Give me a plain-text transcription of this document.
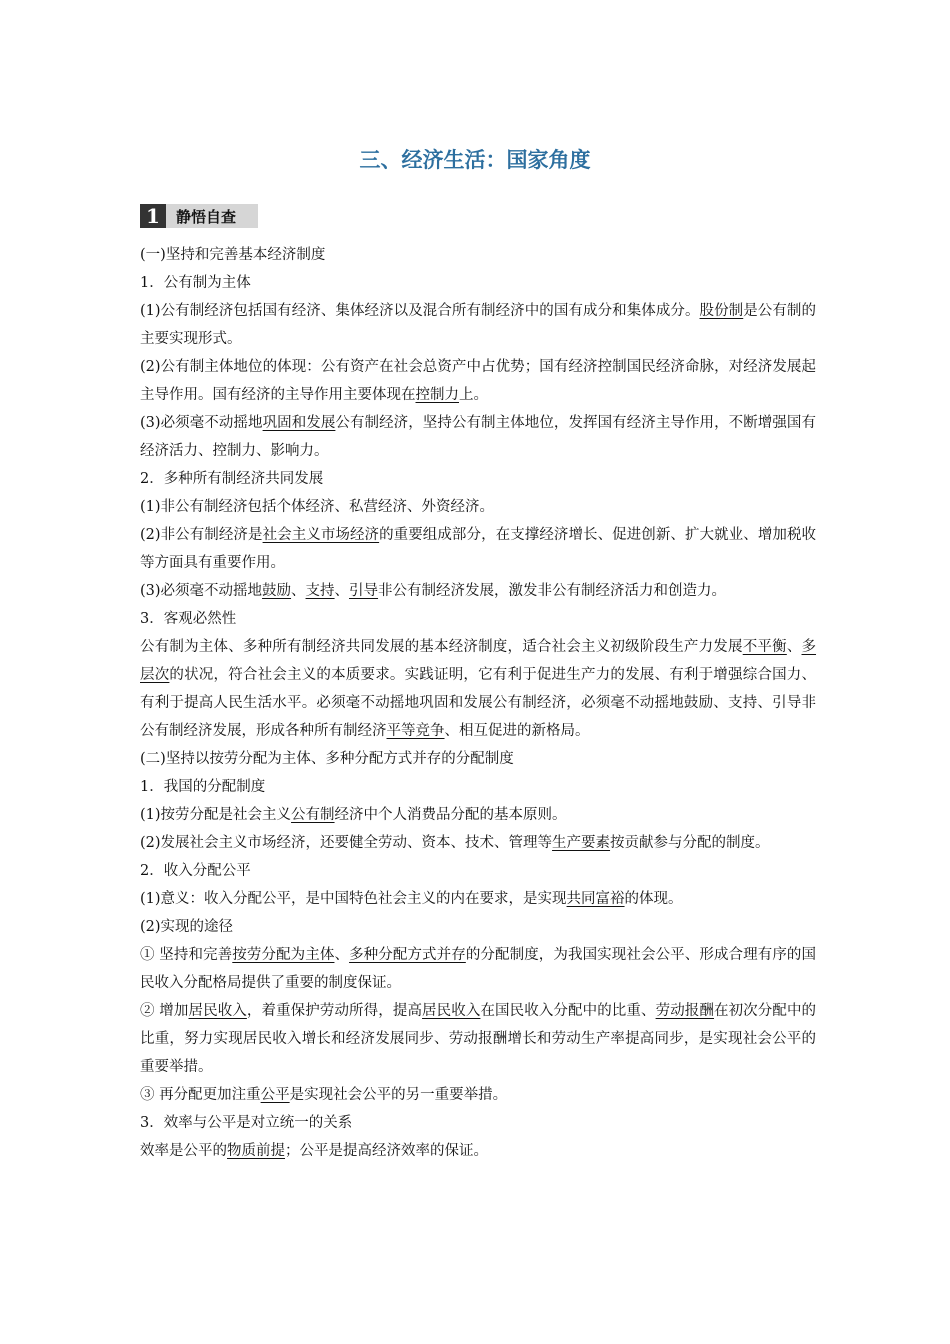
三、经济生活：国家角度
1	静悟自查

(一)坚持和完善基本经济制度

1．公有制为主体

(1)公有制经济包括国有经济、集体经济以及混合所有制经济中的国有成分和集体成分。股份制是公有制的主要实现形式。

(2)公有制主体地位的体现：公有资产在社会总资产中占优势；国有经济控制国民经济命脉，对经济发展起主导作用。国有经济的主导作用主要体现在控制力上。

(3)必须毫不动摇地巩固和发展公有制经济，坚持公有制主体地位，发挥国有经济主导作用，不断增强国有经济活力、控制力、影响力。

2．多种所有制经济共同发展

(1)非公有制经济包括个体经济、私营经济、外资经济。

(2)非公有制经济是社会主义市场经济的重要组成部分，在支撑经济增长、促进创新、扩大就业、增加税收等方面具有重要作用。

(3)必须毫不动摇地鼓励、支持、引导非公有制经济发展，激发非公有制经济活力和创造力。

3．客观必然性

公有制为主体、多种所有制经济共同发展的基本经济制度，适合社会主义初级阶段生产力发展不平衡、多层次的状况，符合社会主义的本质要求。实践证明，它有利于促进生产力的发展、有利于增强综合国力、有利于提高人民生活水平。必须毫不动摇地巩固和发展公有制经济，必须毫不动摇地鼓励、支持、引导非公有制经济发展，形成各种所有制经济平等竞争、相互促进的新格局。

(二)坚持以按劳分配为主体、多种分配方式并存的分配制度

1．我国的分配制度

(1)按劳分配是社会主义公有制经济中个人消费品分配的基本原则。

(2)发展社会主义市场经济，还要健全劳动、资本、技术、管理等生产要素按贡献参与分配的制度。

2．收入分配公平

(1)意义：收入分配公平，是中国特色社会主义的内在要求，是实现共同富裕的体现。

(2)实现的途径

① 坚持和完善按劳分配为主体、多种分配方式并存的分配制度，为我国实现社会公平、形成合理有序的国民收入分配格局提供了重要的制度保证。

② 增加居民收入，着重保护劳动所得，提高居民收入在国民收入分配中的比重、劳动报酬在初次分配中的比重，努力实现居民收入增长和经济发展同步、劳动报酬增长和劳动生产率提高同步，是实现社会公平的重要举措。

③ 再分配更加注重公平是实现社会公平的另一重要举措。

3．效率与公平是对立统一的关系

效率是公平的物质前提；公平是提高经济效率的保证。
